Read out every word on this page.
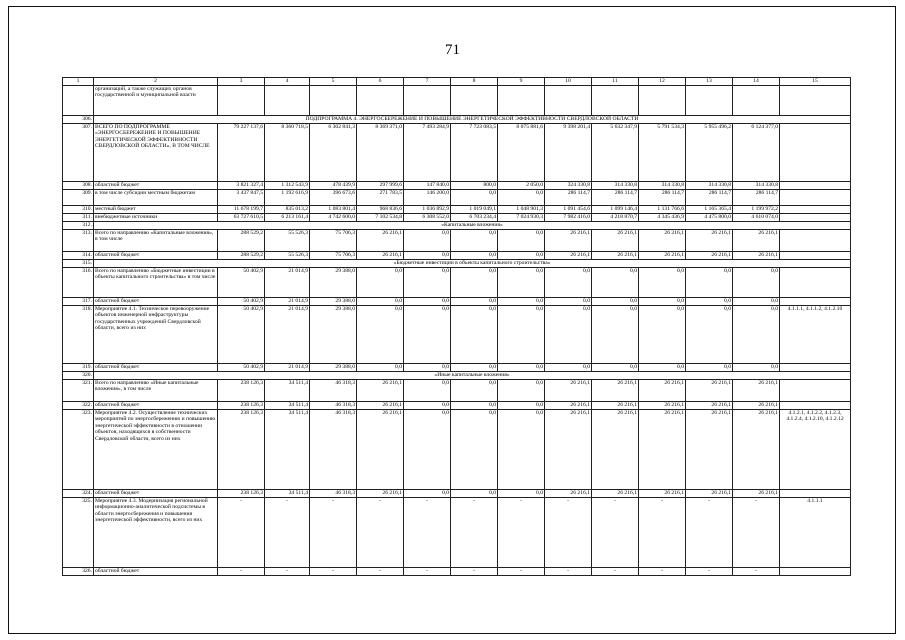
71
1	2	3	4	5	6	7	8	9	10	11	12	13	14	15
	организаций, а также служащих органов государственной и муниципальной власти													
306.	ПОДПРОГРАММА 4. ЭНЕРГОСБЕРЕЖЕНИЕ И ПОВЫШЕНИЕ ЭНЕРГЕТИЧЕСКОЙ ЭФФЕКТИВНОСТИ СВЕРДЛОВСКОЙ ОБЛАСТИ													
307.	ВСЕГО ПО ПОДПРОГРАММЕ «ЭНЕРГОСБЕРЕЖЕНИЕ И ПОВЫШЕНИЕ ЭНЕРГЕТИЧЕСКОЙ ЭФФЕКТИВНОСТИ СВЕРДЛОВСКОЙ ОБЛАСТИ», В ТОМ ЧИСЛЕ	79 227 137,6	8 360 718,5	6 302 841,3	8 369 371,0	7 493 284,9	7 723 083,5	8 075 881,6	9 398 201,4	5 632 347,9	5 791 534,3	5 955 496,2	6 124 377,0	
308.	областной бюджет	3 821 327,4	1 312 543,9	478 439,9	297 999,6	147 840,0	800,0	2 050,0	324 330,8	314 330,8	314 330,8	314 330,8	314 330,8	
309.	в том числе субсидии местным бюджетам	3 437 847,5	1 192 616,9	396 673,6	271 783,5	146 200,0	0,0	0,0	286 114,7	286 114,7	286 114,7	286 114,7	286 114,7	
310.	местный бюджет	11 678 199,7	835 013,2	1 083 801,4	968 836,6	1 036 892,9	1 019 049,1	1 048 901,3	1 091 454,6	1 099 146,4	1 131 766,6	1 165 365,4	1 199 972,2	
311.	внебюджетные источники	63 727 610,5	6 213 161,4	4 742 600,0	7 102 534,8	6 308 552,0	6 703 234,4	7 024 930,3	7 982 416,0	4 218 870,7	4 345 436,9	4 475 800,0	4 610 074,0	
312.	«Капитальные вложения»													
313.	Всего по направлению «Капитальные вложения», в том числе	288 529,2	55 526,3	75 706,3	26 216,1	0,0	0,0	0,0	26 216,1	26 216,1	26 216,1	26 216,1	26 216,1	
314.	областной бюджет	288 529,2	55 526,3	75 706,3	26 216,1	0,0	0,0	0,0	26 216,1	26 216,1	26 216,1	26 216,1	26 216,1	
315.	«Бюджетные инвестиции в объекты капитального строительства»													
316.	Всего по направлению «Бюджетные инвестиции в объекты капитального строительства» в том числе	50 402,9	21 014,9	29 388,0	0,0	0,0	0,0	0,0	0,0	0,0	0,0	0,0	0,0	
317.	областной бюджет	50 402,9	21 014,9	29 388,0	0,0	0,0	0,0	0,0	0,0	0,0	0,0	0,0	0,0	
318.	Мероприятие 4.1. Техническое перевооружение объектов инженерной инфраструктуры государственных учреждений Свердловской области, всего из них	50 402,9	21 014,9	29 388,0	0,0	0,0	0,0	0,0	0,0	0,0	0,0	0,0	0,0	4.1.1.1, 4.1.1.2, 4.1.2.10
319.	областной бюджет	50 402,9	21 014,9	29 388,0	0,0	0,0	0,0	0,0	0,0	0,0	0,0	0,0	0,0	
320.	«Иные капитальные вложения»													
321.	Всего по направлению «Иные капитальные вложения», в том числе	238 126,3	34 511,4	46 318,3	26 216,1	0,0	0,0	0,0	26 216,1	26 216,1	26 216,1	26 216,1	26 216,1	
322.	областной бюджет	238 126,3	34 511,4	46 318,3	26 216,1	0,0	0,0	0,0	26 216,1	26 216,1	26 216,1	26 216,1	26 216,1	
323.	Мероприятие 4.2. Осуществление технических мероприятий по энергосбережению и повышению энергетической эффективности в отношении объектов, находящихся в собственности Свердловской области, всего из них	238 126,3	34 511,4	46 318,3	26 216,1	0,0	0,0	0,0	26 216,1	26 216,1	26 216,1	26 216,1	26 216,1	4.1.2.1, 4.1.2.2, 4.1.2.3, 4.1.2.4, 4.1.2.10, 4.1.2.12
324.	областной бюджет	238 126,3	34 511,4	46 318,3	26 216,1	0,0	0,0	0,0	26 216,1	26 216,1	26 216,1	26 216,1	26 216,1	
325.	Мероприятие 4.3. Модернизация региональной информационно-аналитической подсистемы в области энергосбережения и повышения энергетической эффективности, всего из них	-	-	-	-	-	-	-	-	-	-	-	-	4.1.1.1
326.	областной бюджет	-	-	-	-	-	-	-	-	-	-	-	-	
